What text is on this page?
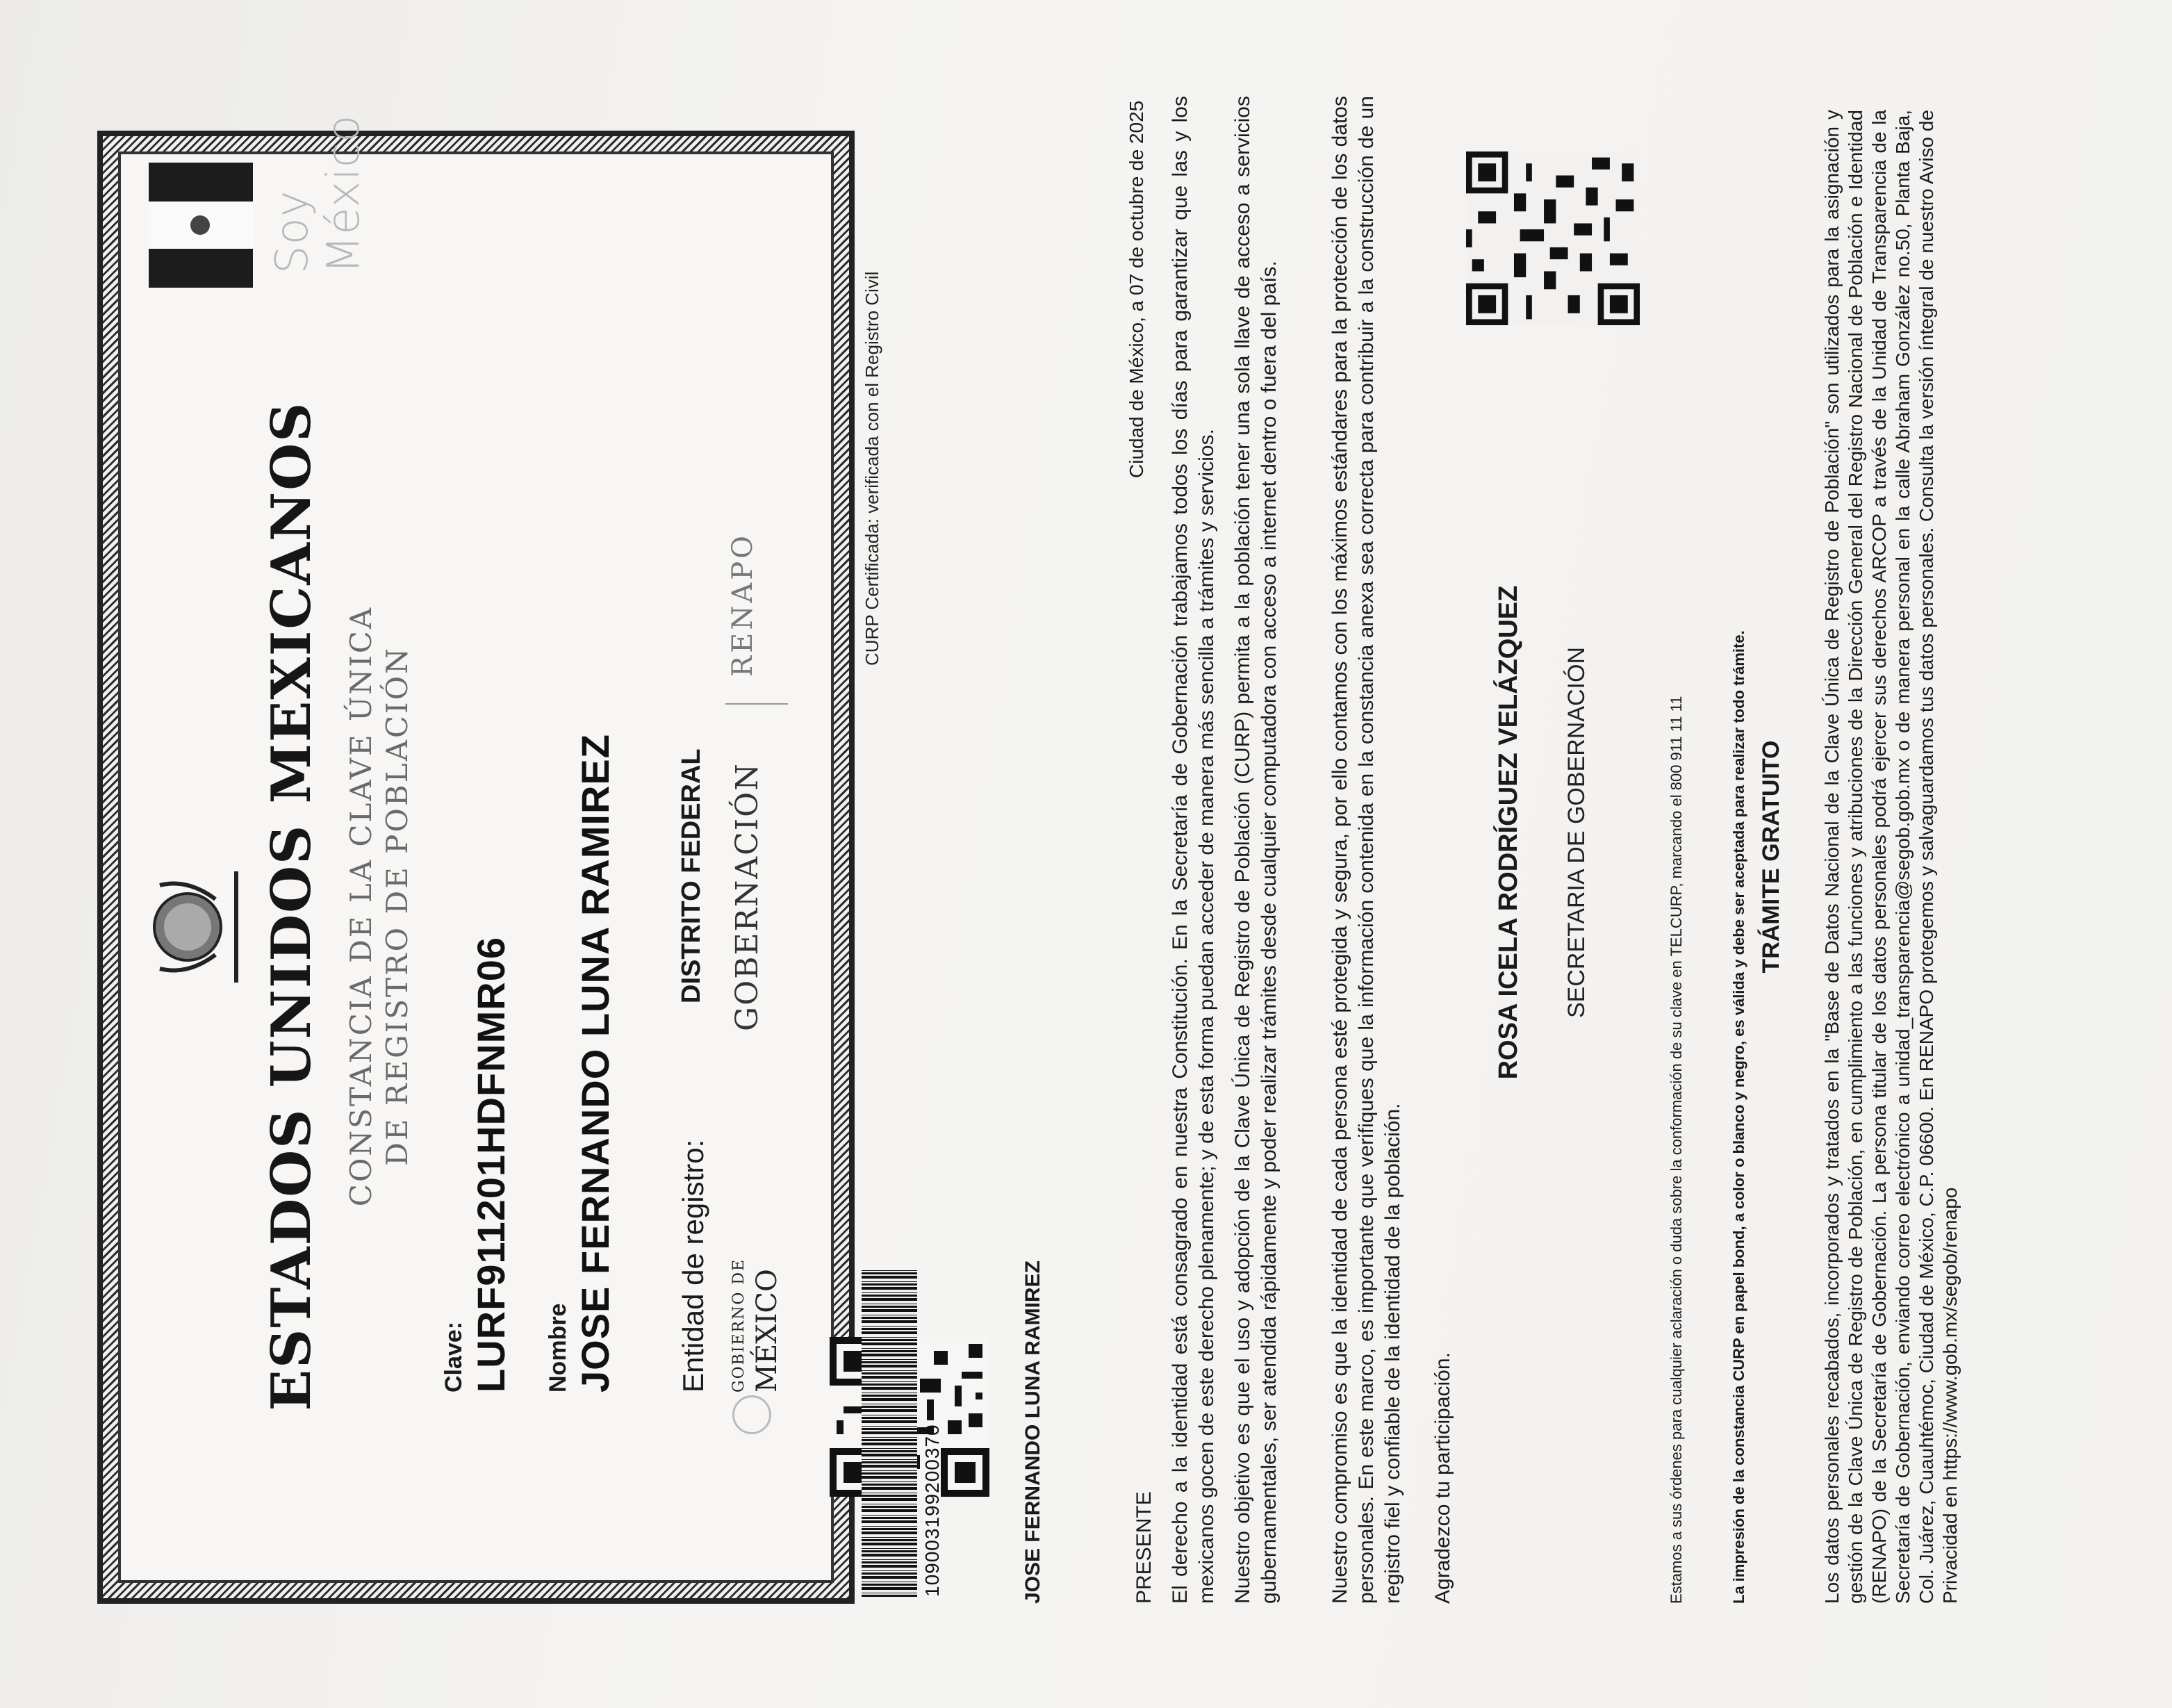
Soy México
ESTADOS UNIDOS MEXICANOS CONSTANCIA DE LA CLAVE ÚNICA DE REGISTRO DE POBLACIÓN
Clave: LURF911201HDFNMR06 Nombre JOSE FERNANDO LUNA RAMIREZ Entidad de registro:
DISTRITO FEDERAL
GOBIERNO DE MÉXICO
GOBERNACIÓN
RENAPO
109003199200370
CURP Certificada: verificada con el Registro Civil
JOSE FERNANDO LUNA RAMIREZ
Ciudad de México, a 07 de octubre de 2025
PRESENTE El derecho a la identidad está consagrado en nuestra Constitución. En la Secretaría de Gobernación trabajamos todos los días para garantizar que las y los mexicanos gocen de este derecho plenamente; y de esta forma puedan acceder de manera más sencilla a trámites y servicios. Nuestro objetivo es que el uso y adopción de la Clave Única de Registro de Población (CURP) permita a la población tener una sola llave de acceso a servicios gubernamentales, ser atendida rápidamente y poder realizar trámites desde cualquier computadora con acceso a internet dentro o fuera del país. Nuestro compromiso es que la identidad de cada persona esté protegida y segura, por ello contamos con los máximos estándares para la protección de los datos personales. En este marco, es importante que verifiques que la información contenida en la constancia anexa sea correcta para contribuir a la construcción de un registro fiel y confiable de la identidad de la población. Agradezco tu participación.
ROSA ICELA RODRÍGUEZ VELÁZQUEZ SECRETARIA DE GOBERNACIÓN	Estamos a sus órdenes para cualquier aclaración o duda sobre la conformación de su clave en TELCURP, marcando el 800 911 11 11	La impresión de la constancia CURP en papel bond, a color o blanco y negro, es válida y debe ser aceptada para realizar todo trámite. TRÁMITE GRATUITO Los datos personales recabados, incorporados y tratados en la "Base de Datos Nacional de la Clave Única de Registro de Población" son utilizados para la asignación y gestión de la Clave Única de Registro de Población, en cumplimiento a las funciones y atribuciones de la Dirección General del Registro Nacional de Población e Identidad (RENAPO) de la Secretaría de Gobernación. La persona titular de los datos personales podrá ejercer sus derechos ARCOP a través de la Unidad de Transparencia de la Secretaría de Gobernación, enviando correo electrónico a unidad_transparencia@segob.gob.mx o de manera personal en la calle Abraham González no.50, Planta Baja, Col. Juárez, Cuauhtémoc, Ciudad de México, C.P. 06600. En RENAPO protegemos y salvaguardamos tus datos personales. Consulta la versión íntegral de nuestro Aviso de Privacidad en https://www.gob.mx/segob/renapo
